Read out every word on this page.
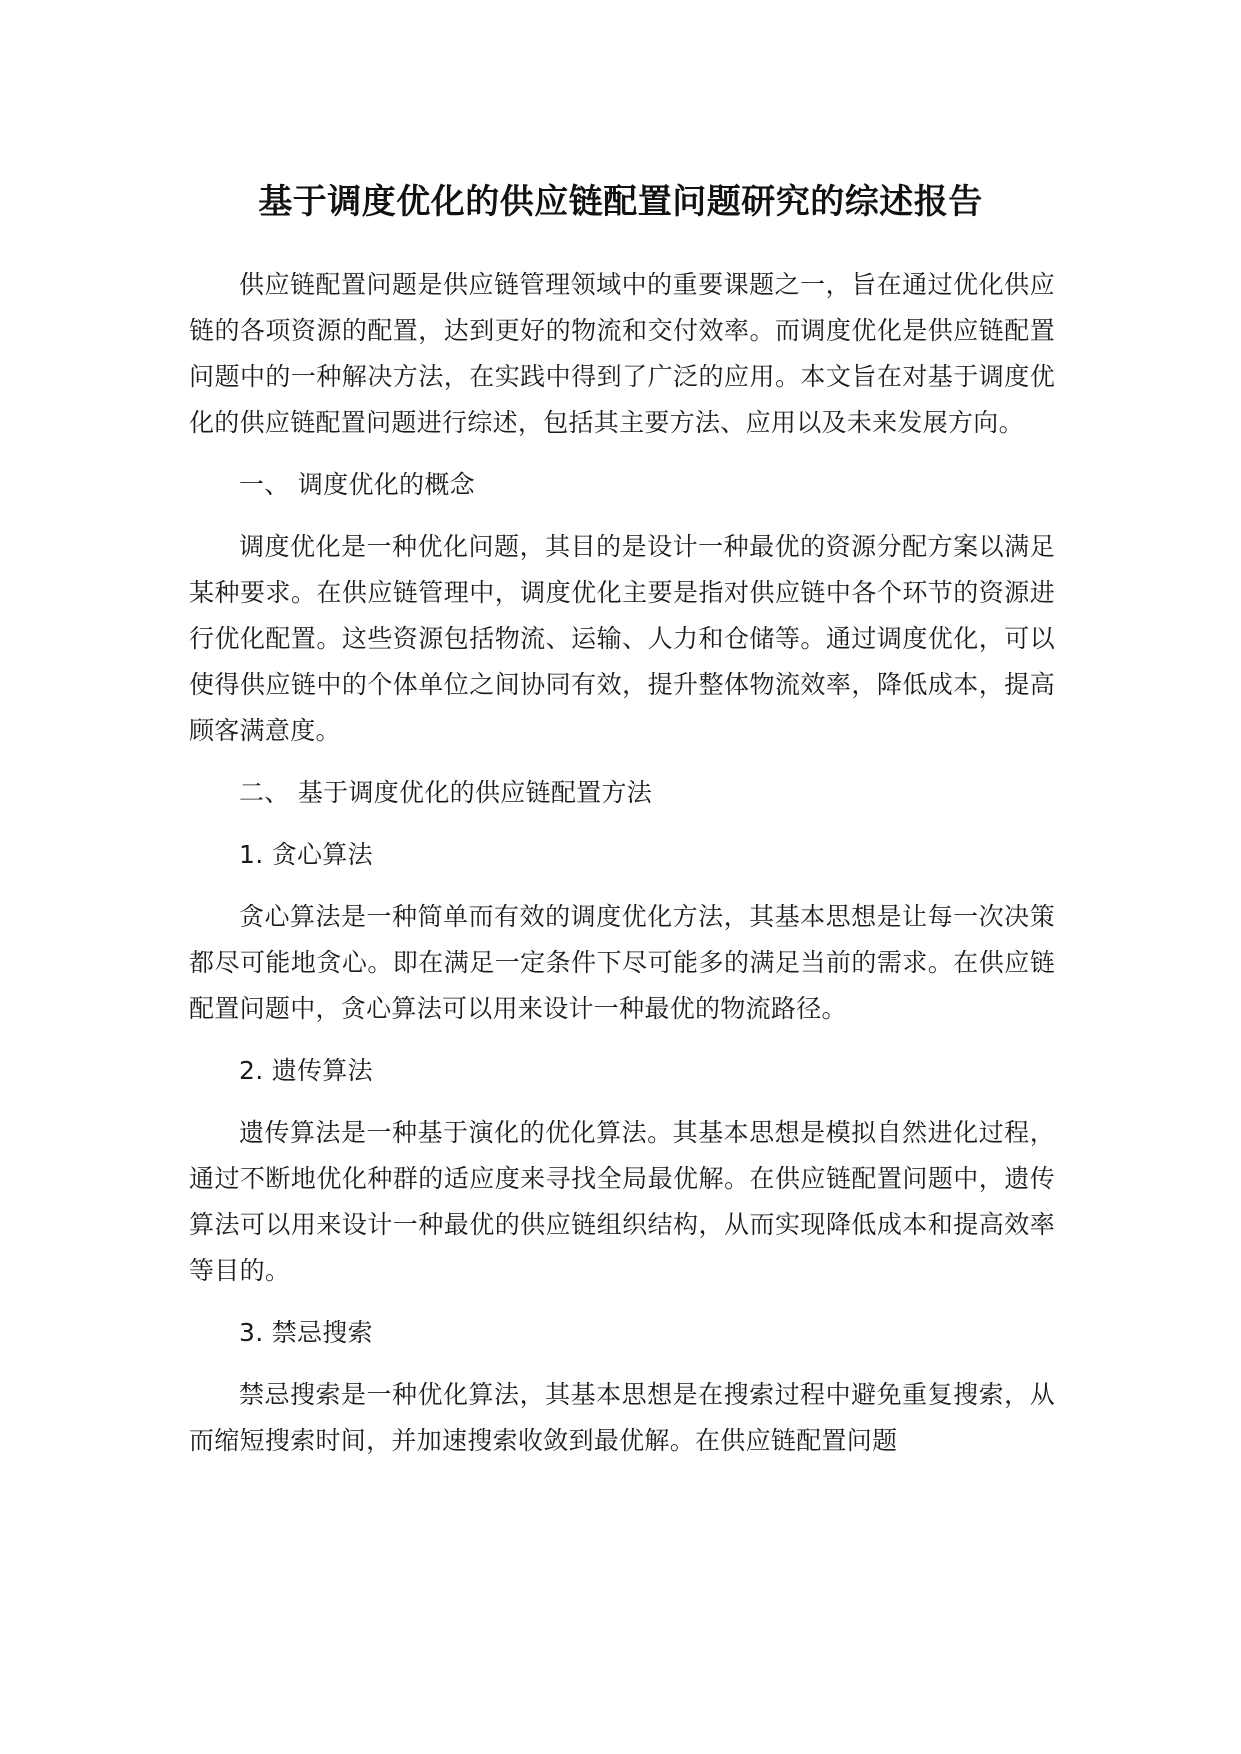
基于调度优化的供应链配置问题研究的综述报告

供应链配置问题是供应链管理领域中的重要课题之一，旨在通过优化供应链的各项资源的配置，达到更好的物流和交付效率。而调度优化是供应链配置问题中的一种解决方法，在实践中得到了广泛的应用。本文旨在对基于调度优化的供应链配置问题进行综述，包括其主要方法、应用以及未来发展方向。

一、 调度优化的概念

调度优化是一种优化问题，其目的是设计一种最优的资源分配方案以满足某种要求。在供应链管理中，调度优化主要是指对供应链中各个环节的资源进行优化配置。这些资源包括物流、运输、人力和仓储等。通过调度优化，可以使得供应链中的个体单位之间协同有效，提升整体物流效率，降低成本，提高顾客满意度。

二、 基于调度优化的供应链配置方法

1. 贪心算法

贪心算法是一种简单而有效的调度优化方法，其基本思想是让每一次决策都尽可能地贪心。即在满足一定条件下尽可能多的满足当前的需求。在供应链配置问题中，贪心算法可以用来设计一种最优的物流路径。

2. 遗传算法

遗传算法是一种基于演化的优化算法。其基本思想是模拟自然进化过程，通过不断地优化种群的适应度来寻找全局最优解。在供应链配置问题中，遗传算法可以用来设计一种最优的供应链组织结构，从而实现降低成本和提高效率等目的。

3. 禁忌搜索

禁忌搜索是一种优化算法，其基本思想是在搜索过程中避免重复搜索，从而缩短搜索时间，并加速搜索收敛到最优解。在供应链配置问题
